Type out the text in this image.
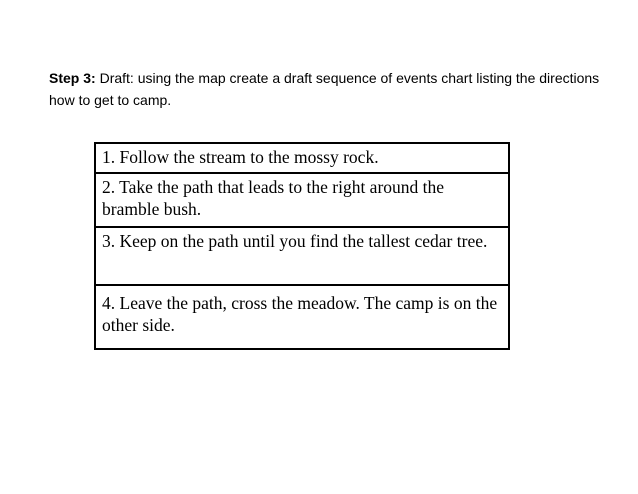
Step 3: Draft: using the map create a draft sequence of events chart listing the directions how to get to camp.
1. Follow the stream to the mossy rock.
2. Take the path that leads to the right around the bramble bush.
3. Keep on the path until you find the tallest cedar tree.
4. Leave the path, cross the meadow. The camp is on the other side.
